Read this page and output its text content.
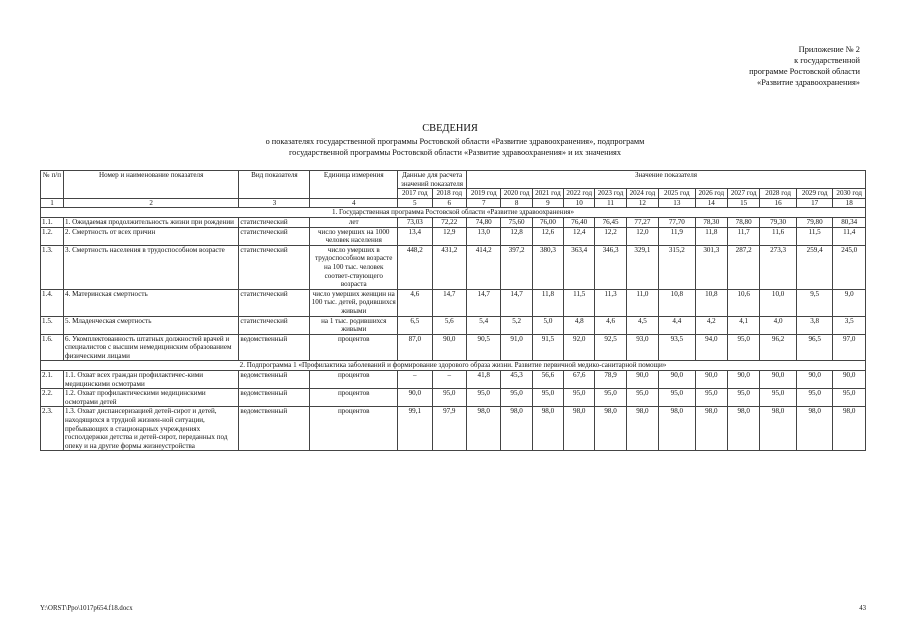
Приложение № 2
к государственной
программе Ростовской области
«Развитие здравоохранения»
СВЕДЕНИЯ
о показателях государственной программы Ростовской области «Развитие здравоохранения», подпрограмм
государственной программы Ростовской области «Развитие здравоохранения» и их значениях
№ п/п	Номер и наименование показателя	Вид показателя	Единица измерения	Данные для расчета значений показателя		Значение показателя											
				2017 год	2018 год	2019 год	2020 год	2021 год	2022 год	2023 год	2024 год	2025 год	2026 год	2027 год	2028 год	2029 год	2030 год
1	2	3	4	5	6	7	8	9	10	11	12	13	14	15	16	17	18
1. Государственная программа Ростовской области «Развитие здравоохранения»																	
1.1.	1. Ожидаемая продолжительность жизни при рождении	статистический	лет	73,03	72,22	74,80	75,60	76,00	76,40	76,45	77,27	77,70	78,30	78,80	79,30	79,80	80,34
1.2.	2. Смертность от всех причин	статистический	число умерших на 1000 человек населения	13,4	12,9	13,0	12,8	12,6	12,4	12,2	12,0	11,9	11,8	11,7	11,6	11,5	11,4
1.3.	3. Смертность населения в трудоспособном возрасте	статистический	число умерших в трудоспособном возрасте на 100 тыс. человек соответ-ствующего возраста	448,2	431,2	414,2	397,2	380,3	363,4	346,3	329,1	315,2	301,3	287,2	273,3	259,4	245,0
1.4.	4. Материнская смертность	статистический	число умерших женщин на 100 тыс. детей, родившихся живыми	4,6	14,7	14,7	14,7	11,8	11,5	11,3	11,0	10,8	10,8	10,6	10,0	9,5	9,0
1.5.	5. Младенческая смертность	статистический	на 1 тыс. родившихся живыми	6,5	5,6	5,4	5,2	5,0	4,8	4,6	4,5	4,4	4,2	4,1	4,0	3,8	3,5
1.6.	6. Укомплектованность штатных должностей врачей и специалистов с высшим немедицинским образованием физическими лицами	ведомственный	процентов	87,0	90,0	90,5	91,0	91,5	92,0	92,5	93,0	93,5	94,0	95,0	96,2	96,5	97,0
2. Подпрограмма 1 «Профилактика заболеваний и формирование здорового образа жизни. Развитие первичной медико-санитарной помощи»																	
2.1.	1.1. Охват всех граждан профилактичес-кими медицинскими осмотрами	ведомственный	процентов	–	–	41,8	45,3	56,6	67,6	78,9	90,0	90,0	90,0	90,0	90,0	90,0	90,0
2.2.	1.2. Охват профилактическими медицинскими осмотрами детей	ведомственный	процентов	90,0	95,0	95,0	95,0	95,0	95,0	95,0	95,0	95,0	95,0	95,0	95,0	95,0	95,0
2.3.	1.3. Охват диспансеризацией детей-сирот и детей, находящихся в трудной жизнен-ной ситуации, пребывающих в стационарных учреждениях госполдержки детства и детей-сирот, переданных под опеку и на другие формы жизнеустройства	ведомственный	процентов	99,1	97,9	98,0	98,0	98,0	98,0	98,0	98,0	98,0	98,0	98,0	98,0	98,0	98,0
Y:\ORST\Ppo\1017p654.f18.docx	43
